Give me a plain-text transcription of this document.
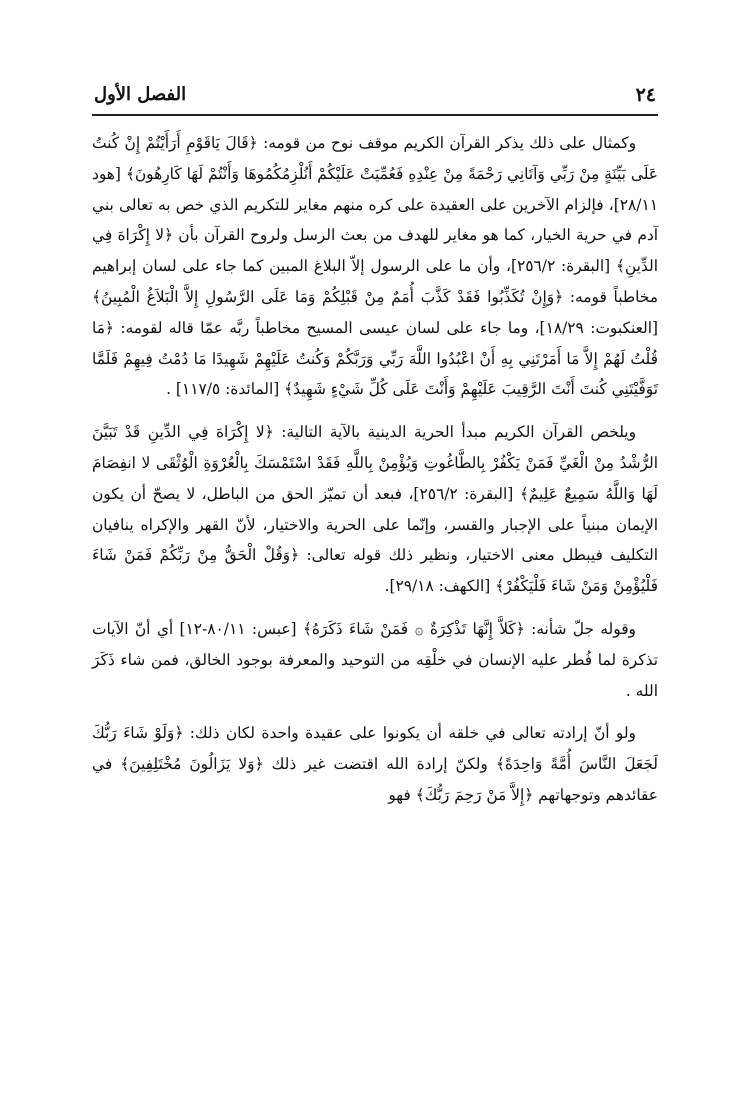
٢٤
الفصل الأول

وكمثال على ذلك يذكر القرآن الكريم موقف نوح من قومه: ﴿قَالَ يَاقَوْمِ أَرَأَيْتُمْ إِنْ كُنتُ عَلَى بَيِّنَةٍ مِنْ رَبِّي وَآتَانِي رَحْمَةً مِنْ عِنْدِهِ فَعُمِّيَتْ عَلَيْكُمْ أَنُلْزِمُكُمُوهَا وَأَنْتُمْ لَهَا كَارِهُونَ﴾ [هود ٢٨/١١]، فإلزام الآخرين على العقيدة على كره منهم مغاير للتكريم الذي خص به تعالى بني آدم في حرية الخيار، كما هو مغاير للهدف من بعث الرسل ولروح القرآن بأن ﴿لا إِكْرَاهَ فِي الدِّينِ﴾ [البقرة: ٢٥٦/٢]، وأن ما على الرسول إلاّ البلاغ المبين كما جاء على لسان إبراهيم مخاطباً قومه: ﴿وَإِنْ تُكَذِّبُوا فَقَدْ كَذَّبَ أُمَمٌ مِنْ قَبْلِكُمْ وَمَا عَلَى الرَّسُولِ إِلاَّ الْبَلاَغُ الْمُبِينُ﴾ [العنكبوت: ١٨/٢٩]، وما جاء على لسان عيسى المسيح مخاطباً ربَّه عمّا قاله لقومه: ﴿مَا قُلْتُ لَهُمْ إِلاَّ مَا أَمَرْتَنِي بِهِ أَنْ اعْبُدُوا اللَّهَ رَبِّي وَرَبَّكُمْ وَكُنتُ عَلَيْهِمْ شَهِيدًا مَا دُمْتُ فِيهِمْ فَلَمَّا تَوَفَّيْتَنِي كُنتَ أَنْتَ الرَّقِيبَ عَلَيْهِمْ وَأَنْتَ عَلَى كُلِّ شَيْءٍ شَهِيدٌ﴾ [المائدة: ١١٧/٥] .

ويلخص القرآن الكريم مبدأ الحرية الدينية بالآية التالية: ﴿لا إِكْرَاهَ فِي الدِّينِ قَدْ تَبَيَّنَ الرُّشْدُ مِنْ الْغَيِّ فَمَنْ يَكْفُرْ بِالطَّاغُوتِ وَيُؤْمِنْ بِاللَّهِ فَقَدْ اسْتَمْسَكَ بِالْعُرْوَةِ الْوُثْقَى لا انفِصَامَ لَهَا وَاللَّهُ سَمِيعٌ عَلِيمٌ﴾ [البقرة: ٢٥٦/٢]، فبعد أن تميّز الحق من الباطل، لا يصحّ أن يكون الإيمان مبنياً على الإجبار والقسر، وإنّما على الحرية والاختيار، لأنّ القهر والإكراه ينافيان التكليف فيبطل معنى الاختيار، ونظير ذلك قوله تعالى: ﴿وَقُلْ الْحَقُّ مِنْ رَبِّكُمْ فَمَنْ شَاءَ فَلْيُؤْمِنْ وَمَنْ شَاءَ فَلْيَكْفُرْ﴾ [الكهف: ٢٩/١٨].

وقوله جلّ شأنه: ﴿كَلاَّ إِنَّهَا تَذْكِرَةٌ ۞ فَمَنْ شَاءَ ذَكَرَهُ﴾ [عبس: ٨٠/١١-١٢] أي أنّ الآيات تذكرة لما فُطر عليه الإنسان في خلْقِه من التوحيد والمعرفة بوجود الخالق، فمن شاء ذَكَرَ الله .

ولو أنّ إرادته تعالى في خلقه أن يكونوا على عقيدة واحدة لكان ذلك: ﴿وَلَوْ شَاءَ رَبُّكَ لَجَعَلَ النَّاسَ أُمَّةً وَاحِدَةً﴾ ولكنّ إرادة الله اقتضت غير ذلك ﴿وَلا يَزَالُونَ مُخْتَلِفِينَ﴾ في عقائدهم وتوجهاتهم ﴿إِلاَّ مَنْ رَحِمَ رَبُّكَ﴾ فهو
